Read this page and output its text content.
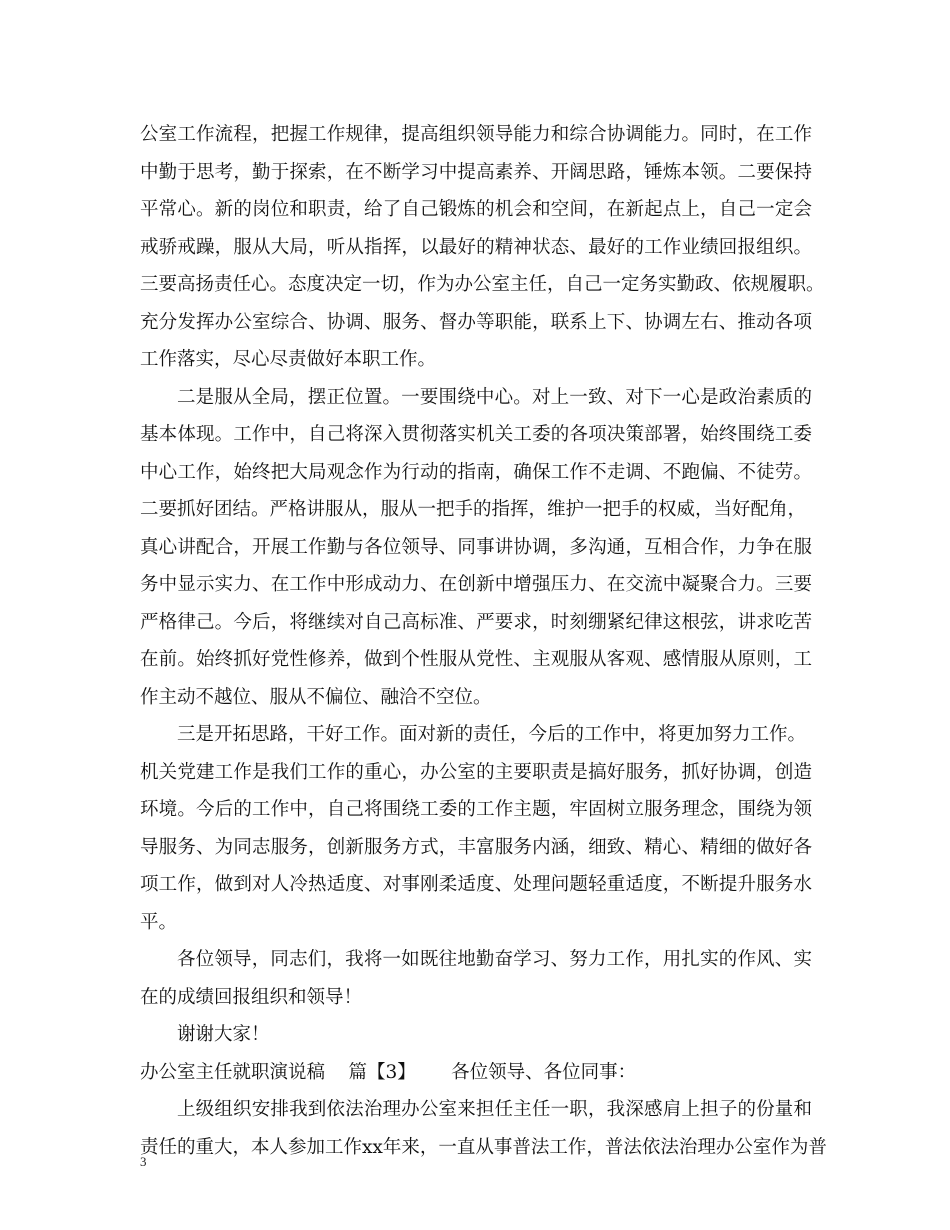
公室工作流程，把握工作规律，提高组织领导能力和综合协调能力。同时，在工作
中勤于思考，勤于探索，在不断学习中提高素养、开阔思路，锤炼本领。二要保持
平常心。新的岗位和职责，给了自己锻炼的机会和空间，在新起点上，自己一定会
戒骄戒躁，服从大局，听从指挥，以最好的精神状态、最好的工作业绩回报组织。
三要高扬责任心。态度决定一切，作为办公室主任，自己一定务实勤政、依规履职。
充分发挥办公室综合、协调、服务、督办等职能，联系上下、协调左右、推动各项
工作落实，尽心尽责做好本职工作。
二是服从全局，摆正位置。一要围绕中心。对上一致、对下一心是政治素质的
基本体现。工作中，自己将深入贯彻落实机关工委的各项决策部署，始终围绕工委
中心工作，始终把大局观念作为行动的指南，确保工作不走调、不跑偏、不徒劳。
二要抓好团结。严格讲服从，服从一把手的指挥，维护一把手的权威，当好配角，
真心讲配合，开展工作勤与各位领导、同事讲协调，多沟通，互相合作，力争在服
务中显示实力、在工作中形成动力、在创新中增强压力、在交流中凝聚合力。三要
严格律己。今后，将继续对自己高标准、严要求，时刻绷紧纪律这根弦，讲求吃苦
在前。始终抓好党性修养，做到个性服从党性、主观服从客观、感情服从原则，工
作主动不越位、服从不偏位、融洽不空位。
三是开拓思路，干好工作。面对新的责任，今后的工作中，将更加努力工作。
机关党建工作是我们工作的重心，办公室的主要职责是搞好服务，抓好协调，创造
环境。今后的工作中，自己将围绕工委的工作主题，牢固树立服务理念，围绕为领
导服务、为同志服务，创新服务方式，丰富服务内涵，细致、精心、精细的做好各
项工作，做到对人冷热适度、对事刚柔适度、处理问题轻重适度，不断提升服务水
平。
各位领导，同志们，我将一如既往地勤奋学习、努力工作，用扎实的作风、实
在的成绩回报组织和领导！
谢谢大家！
办公室主任就职演说稿    篇【3】      各位领导、各位同事：
上级组织安排我到依法治理办公室来担任主任一职，我深感肩上担子的份量和
责任的重大，本人参加工作xx年来，一直从事普法工作，普法依法治理办公室作为普
3
